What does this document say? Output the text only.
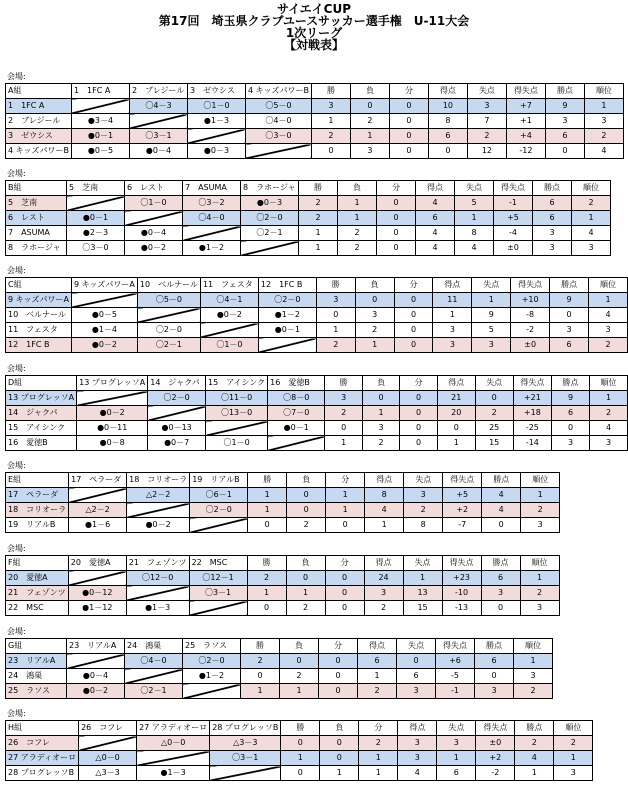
サイエイCUP
第17回　埼玉県クラブユースサッカー選手権　U-11大会
1次リーグ
【対戦表】
会場:
A組	1　1FC A	2　ブレジール	3　ゼウシス	4 キッズパワーB	勝	負	分	得点	失点	得失点	勝点	順位
1　1FC A		〇4－3	〇1－0	〇5－0	3	0	0	10	3	+7	9	1
2　ブレジール	●3－4		●1－3	〇4－0	1	2	0	8	7	+1	3	3
3　ゼウシス	●0－1	〇3－1		〇3－0	2	1	0	6	2	+4	6	2
4 キッズパワーB	●0－5	●0－4	●0－3		0	3	0	0	12	-12	0	4
会場:
B組	5　芝南	6　レスト	7　ASUMA	8　ラホージャ	勝	負	分	得点	失点	得失点	勝点	順位
5　芝南		〇1－0	〇3－2	●0－3	2	1	0	4	5	-1	6	2
6　レスト	●0－1		〇4－0	〇2－0	2	1	0	6	1	+5	6	1
7　ASUMA	●2－3	●0－4		〇2－1	1	2	0	4	8	-4	3	4
8　ラホージャ	〇3－0	●0－2	●1－2		1	2	0	4	4	±0	3	3
会場:
C組	9 キッズパワーA	10　ベルナール	11　フェスタ	12　1FC B	勝	負	分	得点	失点	得失点	勝点	順位
9 キッズパワーA		〇5－0	〇4－1	〇2－0	3	0	0	11	1	+10	9	1
10　ベルナール	●0－5		●0－2	●1－2	0	3	0	1	9	-8	0	4
11　フェスタ	●1－4	〇2－0		●0－1	1	2	0	3	5	-2	3	3
12　1FC B	●0－2	〇2－1	〇1－0		2	1	0	3	3	±0	6	2
会場:
D組	13 プログレッソA	14　ジャクパ	15　アイシンク	16　愛徳B	勝	負	分	得点	失点	得失点	勝点	順位
13 プログレッソA		〇2－0	〇11－0	〇8－0	3	0	0	21	0	+21	9	1
14　ジャクパ	●0－2		〇13－0	〇7－0	2	1	0	20	2	+18	6	2
15　アイシンク	●0－11	●0－13		●0－1	0	3	0	0	25	-25	0	4
16　愛徳B	●0－8	●0－7	〇1－0		1	2	0	1	15	-14	3	3
会場:
E組	17　ペラーダ	18　コリオーラ	19　リアルB	勝	負	分	得点	失点	得失点	勝点	順位
17　ペラーダ		△2－2	〇6－1	1	0	1	8	3	+5	4	1
18　コリオーラ	△2－2		〇2－0	1	0	1	4	2	+2	4	2
19　リアルB	●1－6	●0－2		0	2	0	1	8	-7	0	3
会場:
F組	20　愛徳A	21　フェゾンツ	22　MSC	勝	負	分	得点	失点	得失点	勝点	順位
20　愛徳A		〇12－0	〇12－1	2	0	0	24	1	+23	6	1
21　フェゾンツ	●0－12		〇3－1	1	1	0	3	13	-10	3	2
22　MSC	●1－12	●1－3		0	2	0	2	15	-13	0	3
会場:
G組	23　リアルA	24　鴻巣	25　ラソス	勝	負	分	得点	失点	得失点	勝点	順位
23　リアルA		〇4－0	〇2－0	2	0	0	6	0	+6	6	1
24　鴻巣	●0－4		●1－2	0	2	0	1	6	-5	0	3
25　ラソス	●0－2	〇2－1		1	1	0	2	3	-1	3	2
会場:
H組	26　コフレ	27 アラディオーロ	28 プログレッソB	勝	負	分	得点	失点	得失点	勝点	順位
26　コフレ		△0－0	△3－3	0	0	2	3	3	±0	2	2
27 アラディオーロ	△0－0		〇3－1	1	0	1	3	1	+2	4	1
28 プログレッソB	△3－3	●1－3		0	1	1	4	6	-2	1	3
